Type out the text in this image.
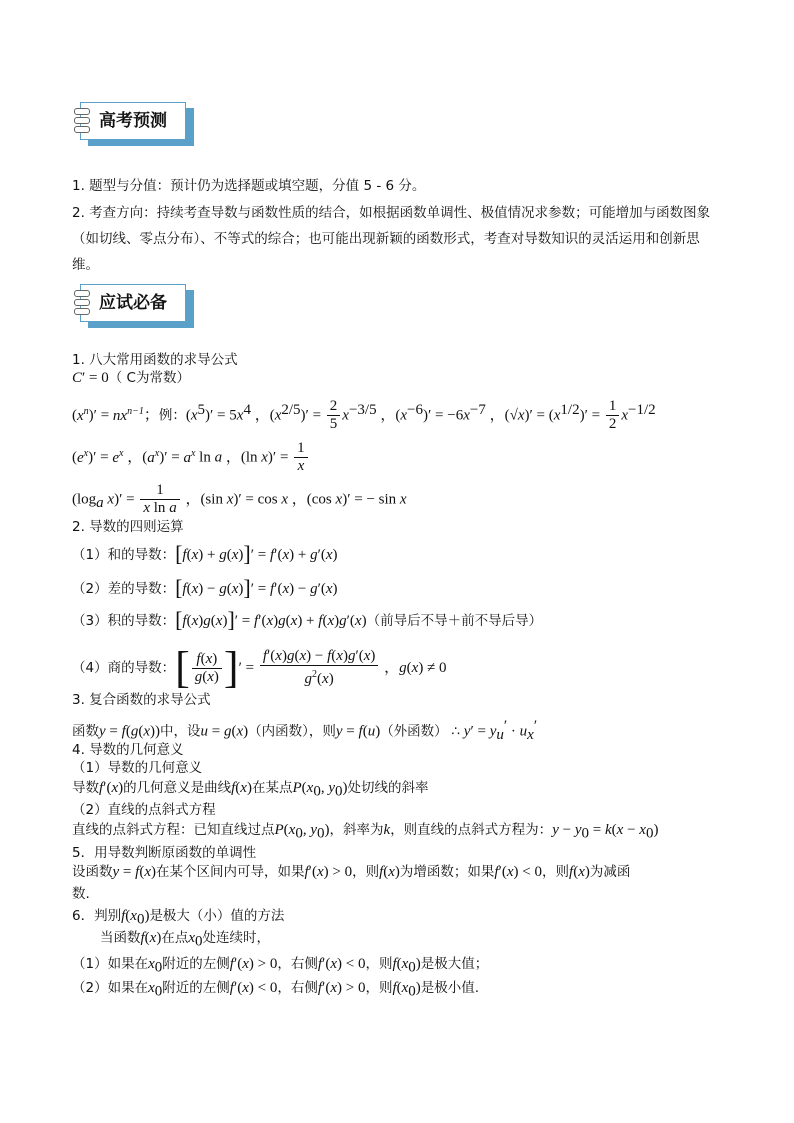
高考预测
1. 题型与分值：预计仍为选择题或填空题，分值 5 - 6 分。
2. 考查方向：持续考查导数与函数性质的结合，如根据函数单调性、极值情况求参数；可能增加与函数图象（如切线、零点分布）、不等式的综合；也可能出现新颖的函数形式，考查对导数知识的灵活运用和创新思维。
应试必备
1. 八大常用函数的求导公式
C′ = 0（ C为常数）
$(x^n)' = nx^{n-1}$；例：$(x^5)' = 5x^4$ ，$(x^{2/5})' = \frac{2}{5} x^{-3/5}$ ，$(x^{-6})' = -6x^{-7}$ ，$(√x)' = (x^{1/2})' = \frac{1}{2} x^{-1/2}$
$(e^x)' = e^x$ ，$(a^x)' = a^x$ ln a ，(ln $x)' = \frac{1}{x}$
($\log_a$ $x)' = \frac{1}{\text{x ln a}}$ ，(sin x)′ = cos x ，(cos x)′ = − sin x
2. 导数的四则运算
（1）和的导数：[f(x) + g(x)]′ = f′(x) + g′(x)
（2）差的导数：[f(x) − g(x)]′ = f′(x) − g′(x)
（3）积的导数：[f(x)g(x)]′ = f′(x)g(x) + f(x)g′(x)（前导后不导＋前不导后导）
（4）商的导数：[ $\frac{f(x)}{g(x)}$ ]′ = $\frac{f'(x)g(x) - f(x)g'(x)}{g^2(x)}$ ，g(x) ≠ 0
3. 复合函数的求导公式
函数y = f(g(x))中，设u = g(x)（内函数），则y = f(u)（外函数） ∴ $y' = y_u' \cdot u_x'$
4. 导数的几何意义
（1）导数的几何意义
导数f′(x)的几何意义是曲线f(x)在某点$P(x_0$, $y_0$)处切线的斜率
（2）直线的点斜式方程
直线的点斜式方程：已知直线过点$P(x_0$, $y_0$)，斜率为k，则直线的点斜式方程为：$y - y_0 = k(x - x_0)$
5．用导数判断原函数的单调性
设函数y = f(x)在某个区间内可导，如果f′(x) > 0，则f(x)为增函数；如果f′(x) < 0，则f(x)为减函
数.
6．判别$f(x_0)$是极大（小）值的方法
当函数f(x)在点$x_0$处连续时，
（1）如果在$x_0$附近的左侧f′(x) > 0，右侧f′(x) < 0，则$f(x_0)$是极大值；
（2）如果在$x_0$附近的左侧f′(x) < 0，右侧f′(x) > 0，则$f(x_0)$是极小值.
